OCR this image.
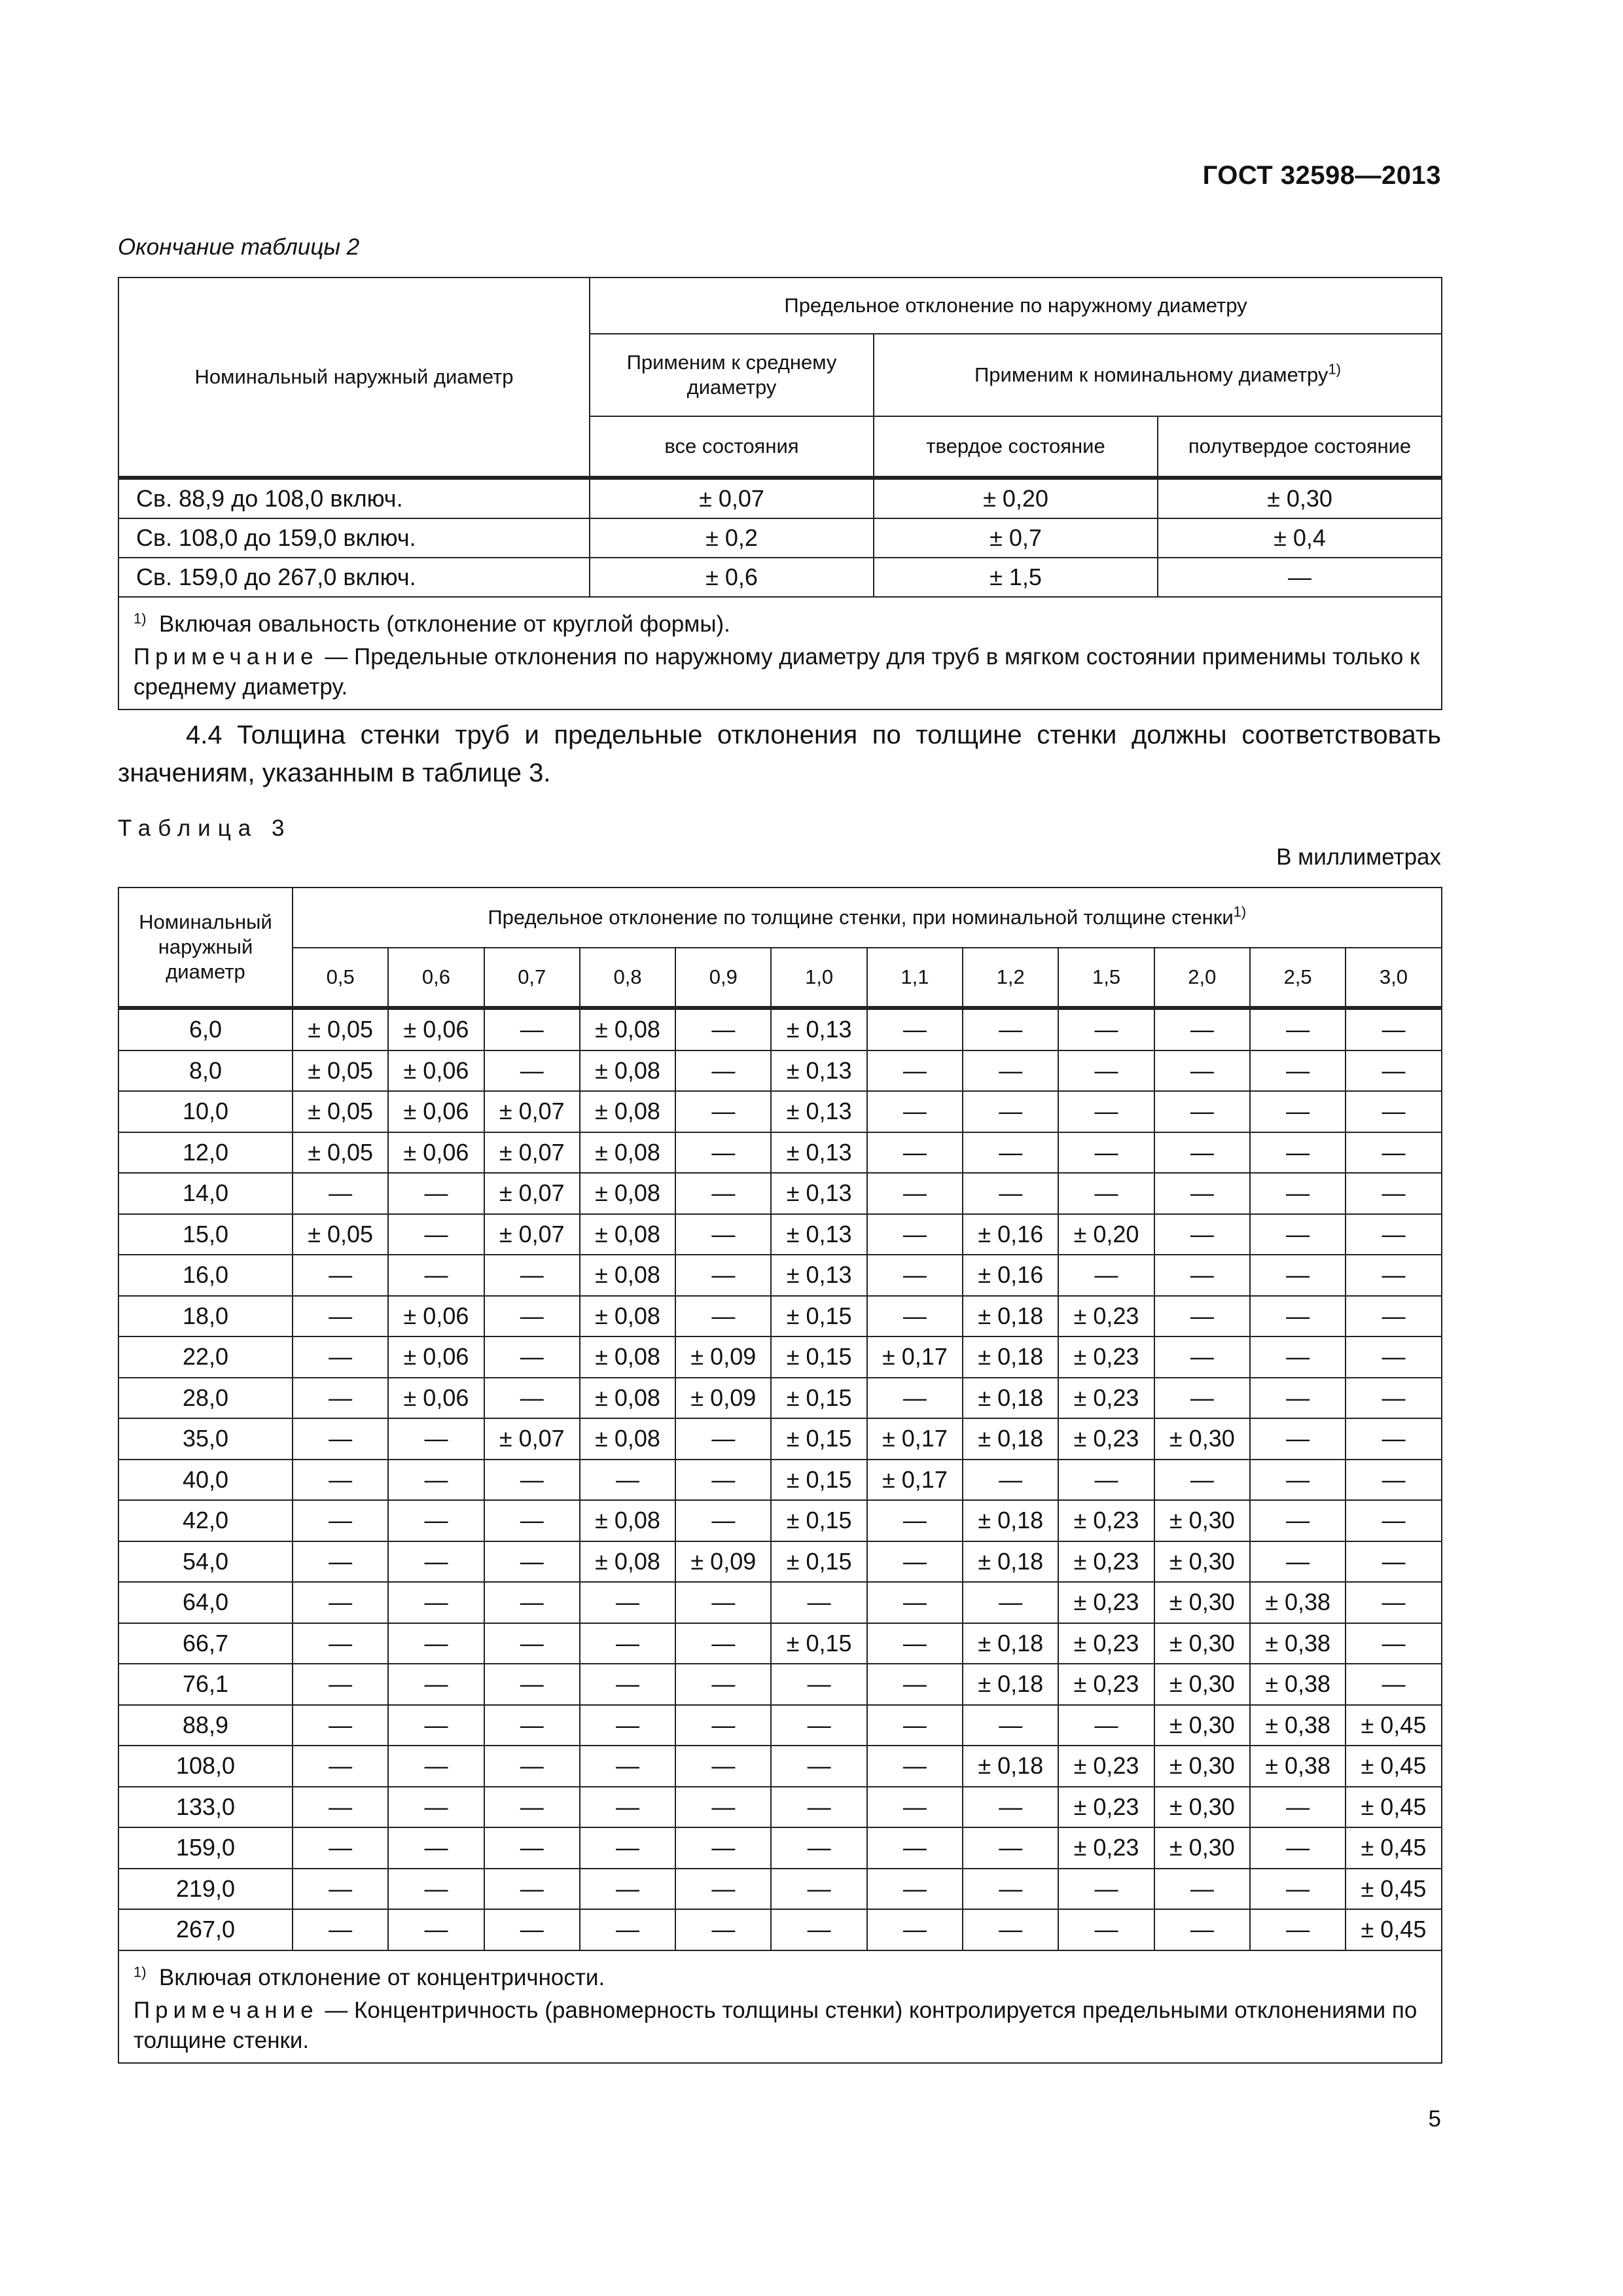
ГОСТ 32598—2013
Окончание таблицы 2
Номинальный наружный диаметр	Предельное отклонение по наружному диаметру		
	Применим к среднему диаметру	Применим к номинальному диаметру$^{1)}$
	все состояния	твердое состояние	полутвердое состояние
Св. 88,9 до 108,0 включ.	± 0,07	± 0,20	± 0,30
Св. 108,0 до 159,0 включ.	± 0,2	± 0,7	± 0,4
Св. 159,0 до 267,0 включ.	± 0,6	± 1,5	—

$^{1)}$ Включая овальность (отклонение от круглой формы).

Примечание — Предельные отклонения по наружному диаметру для труб в мягком состоянии применимы только к среднему диаметру.			

4.4 Толщина стенки труб и предельные отклонения по толщине стенки должны соответствовать значениям, указанным в таблице 3.
Таблица 3
В миллиметрах
Номинальный наружный диаметр	Предельное отклонение по толщине стенки, при номинальной толщине стенки$^{1)}$
	0,5	0,6	0,7	0,8	0,9	1,0	1,1	1,2	1,5	2,0	2,5	3,0
6,0	± 0,05	± 0,06	—	± 0,08	—	± 0,13	—	—	—	—	—	—
8,0	± 0,05	± 0,06	—	± 0,08	—	± 0,13	—	—	—	—	—	—
10,0	± 0,05	± 0,06	± 0,07	± 0,08	—	± 0,13	—	—	—	—	—	—
12,0	± 0,05	± 0,06	± 0,07	± 0,08	—	± 0,13	—	—	—	—	—	—
14,0	—	—	± 0,07	± 0,08	—	± 0,13	—	—	—	—	—	—
15,0	± 0,05	—	± 0,07	± 0,08	—	± 0,13	—	± 0,16	± 0,20	—	—	—
16,0	—	—	—	± 0,08	—	± 0,13	—	± 0,16	—	—	—	—
18,0	—	± 0,06	—	± 0,08	—	± 0,15	—	± 0,18	± 0,23	—	—	—
22,0	—	± 0,06	—	± 0,08	± 0,09	± 0,15	± 0,17	± 0,18	± 0,23	—	—	—
28,0	—	± 0,06	—	± 0,08	± 0,09	± 0,15	—	± 0,18	± 0,23	—	—	—
35,0	—	—	± 0,07	± 0,08	—	± 0,15	± 0,17	± 0,18	± 0,23	± 0,30	—	—
40,0	—	—	—	—	—	± 0,15	± 0,17	—	—	—	—	—
42,0	—	—	—	± 0,08	—	± 0,15	—	± 0,18	± 0,23	± 0,30	—	—
54,0	—	—	—	± 0,08	± 0,09	± 0,15	—	± 0,18	± 0,23	± 0,30	—	—
64,0	—	—	—	—	—	—	—	—	± 0,23	± 0,30	± 0,38	—
66,7	—	—	—	—	—	± 0,15	—	± 0,18	± 0,23	± 0,30	± 0,38	—
76,1	—	—	—	—	—	—	—	± 0,18	± 0,23	± 0,30	± 0,38	—
88,9	—	—	—	—	—	—	—	—	—	± 0,30	± 0,38	± 0,45
108,0	—	—	—	—	—	—	—	± 0,18	± 0,23	± 0,30	± 0,38	± 0,45
133,0	—	—	—	—	—	—	—	—	± 0,23	± 0,30	—	± 0,45
159,0	—	—	—	—	—	—	—	—	± 0,23	± 0,30	—	± 0,45
219,0	—	—	—	—	—	—	—	—	—	—	—	± 0,45
267,0	—	—	—	—	—	—	—	—	—	—	—	± 0,45

$^{1)}$ Включая отклонение от концентричности.

Примечание — Концентричность (равномерность толщины стенки) контролируется предельными отклонениями по толщине стенки.												

5
